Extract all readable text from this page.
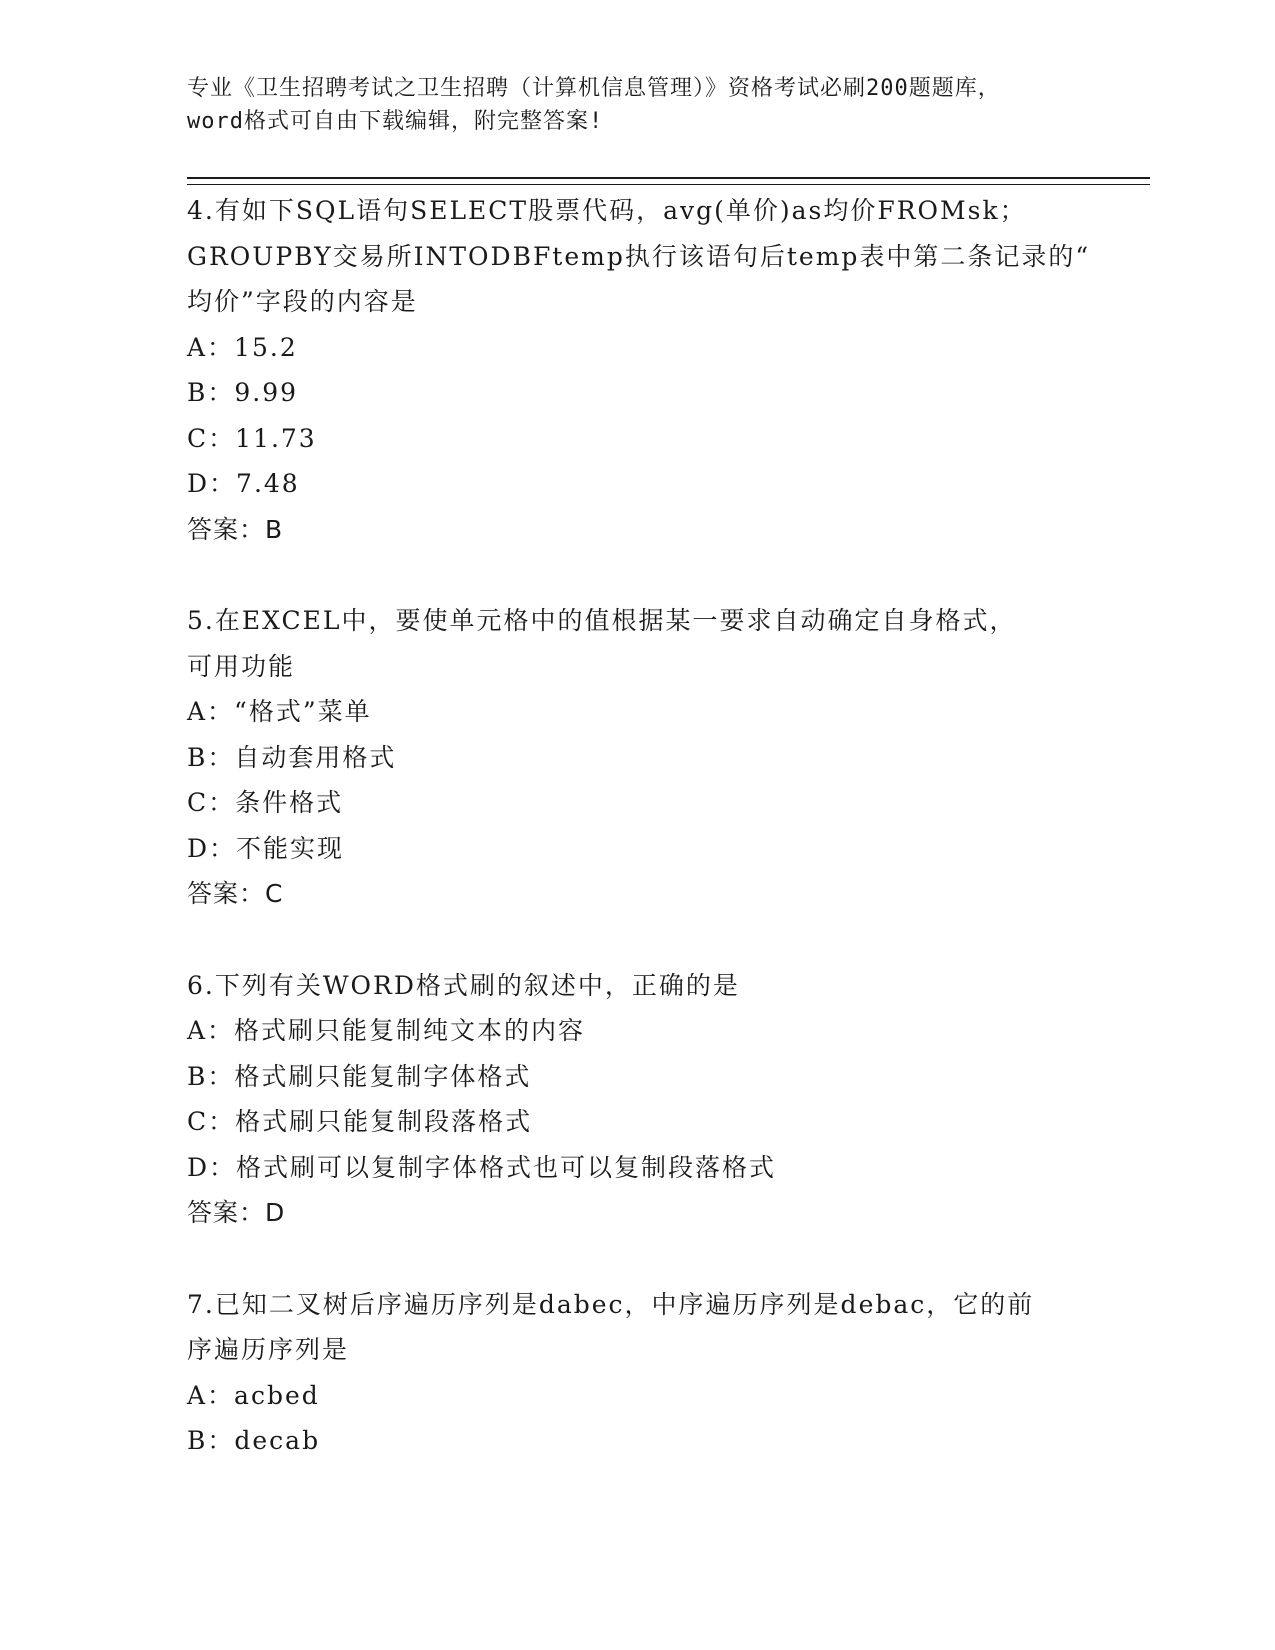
专业《卫生招聘考试之卫生招聘（计算机信息管理）》资格考试必刷200题题库，
word格式可自由下载编辑，附完整答案!
4.有如下SQL语句SELECT股票代码，avg(单价)as均价FROMsk；
GROUPBY交易所INTODBFtemp执行该语句后temp表中第二条记录的“
均价”字段的内容是
A：15.2
B：9.99
C：11.73
D：7.48
答案：B
5.在EXCEL中，要使单元格中的值根据某一要求自动确定自身格式，
可用功能
A：“格式”菜单
B：自动套用格式
C：条件格式
D：不能实现
答案：C
6.下列有关WORD格式刷的叙述中，正确的是
A：格式刷只能复制纯文本的内容
B：格式刷只能复制字体格式
C：格式刷只能复制段落格式
D：格式刷可以复制字体格式也可以复制段落格式
答案：D
7.已知二叉树后序遍历序列是dabec，中序遍历序列是debac，它的前
序遍历序列是
A：acbed
B：decab
